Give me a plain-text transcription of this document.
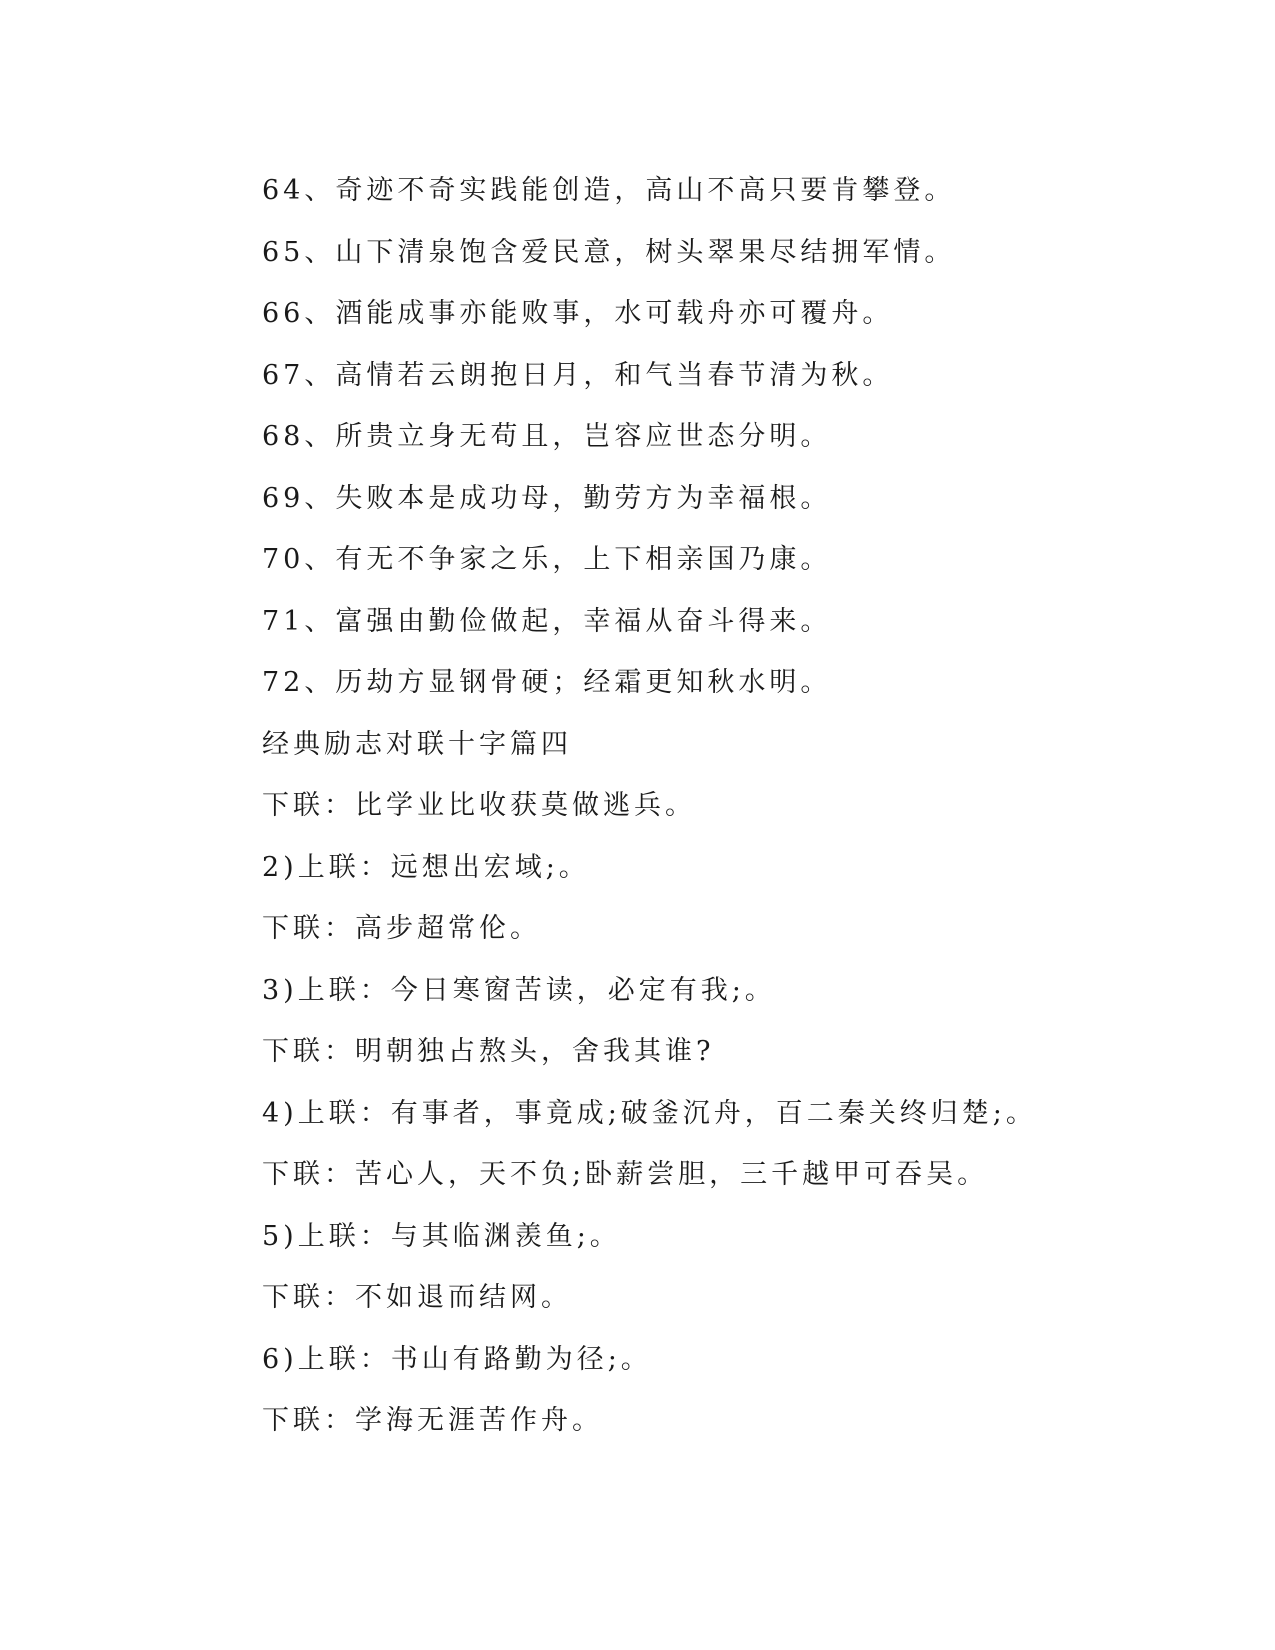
64、奇迹不奇实践能创造，高山不高只要肯攀登。
65、山下清泉饱含爱民意，树头翠果尽结拥军情。
66、酒能成事亦能败事，水可载舟亦可覆舟。
67、高情若云朗抱日月，和气当春节清为秋。
68、所贵立身无苟且，岂容应世态分明。
69、失败本是成功母，勤劳方为幸福根。
70、有无不争家之乐，上下相亲国乃康。
71、富强由勤俭做起，幸福从奋斗得来。
72、历劫方显钢骨硬；经霜更知秋水明。
经典励志对联十字篇四
下联：比学业比收获莫做逃兵。
2)上联：远想出宏域;。
下联：高步超常伦。
3)上联：今日寒窗苦读，必定有我;。
下联：明朝独占熬头，舍我其谁?
4)上联：有事者，事竟成;破釜沉舟，百二秦关终归楚;。
下联：苦心人，天不负;卧薪尝胆，三千越甲可吞吴。
5)上联：与其临渊羡鱼;。
下联：不如退而结网。
6)上联：书山有路勤为径;。
下联：学海无涯苦作舟。
